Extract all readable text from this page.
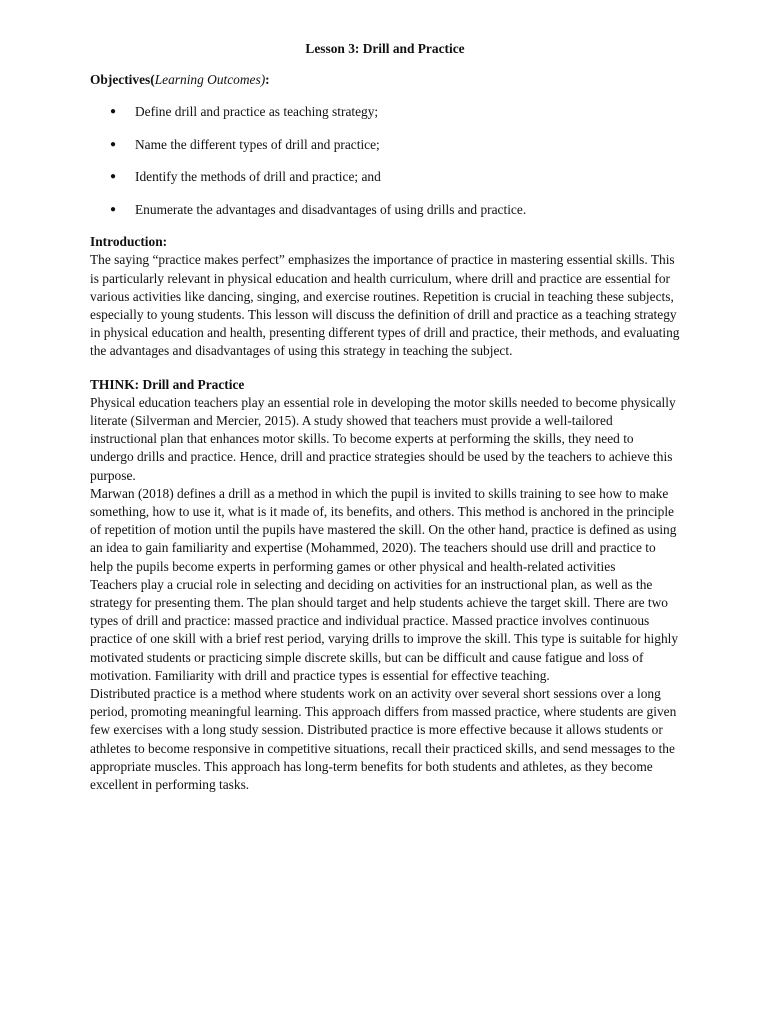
Lesson 3: Drill and Practice
Objectives(Learning Outcomes):
● Define drill and practice as teaching strategy;
● Name the different types of drill and practice;
● Identify the methods of drill and practice; and
● Enumerate the advantages and disadvantages of using drills and practice.
Introduction:

The saying “practice makes perfect” emphasizes the importance of practice in mastering essential skills. This is particularly relevant in physical education and health curriculum, where drill and practice are essential for various activities like dancing, singing, and exercise routines. Repetition is crucial in teaching these subjects, especially to young students. This lesson will discuss the definition of drill and practice as a teaching strategy in physical education and health, presenting different types of drill and practice, their methods, and evaluating the advantages and disadvantages of using this strategy in teaching the subject.

THINK: Drill and Practice

Physical education teachers play an essential role in developing the motor skills needed to become physically literate (Silverman and Mercier, 2015). A study showed that teachers must provide a well-tailored instructional plan that enhances motor skills. To become experts at performing the skills, they need to undergo drills and practice. Hence, drill and practice strategies should be used by the teachers to achieve this purpose.

Marwan (2018) defines a drill as a method in which the pupil is invited to skills training to see how to make something, how to use it, what is it made of, its benefits, and others. This method is anchored in the principle of repetition of motion until the pupils have mastered the skill. On the other hand, practice is defined as using an idea to gain familiarity and expertise (Mohammed, 2020). The teachers should use drill and practice to help the pupils become experts in performing games or other physical and health-related activities

Teachers play a crucial role in selecting and deciding on activities for an instructional plan, as well as the strategy for presenting them. The plan should target and help students achieve the target skill. There are two types of drill and practice: massed practice and individual practice. Massed practice involves continuous practice of one skill with a brief rest period, varying drills to improve the skill. This type is suitable for highly motivated students or practicing simple discrete skills, but can be difficult and cause fatigue and loss of motivation. Familiarity with drill and practice types is essential for effective teaching.

Distributed practice is a method where students work on an activity over several short sessions over a long period, promoting meaningful learning. This approach differs from massed practice, where students are given few exercises with a long study session. Distributed practice is more effective because it allows students or athletes to become responsive in competitive situations, recall their practiced skills, and send messages to the appropriate muscles. This approach has long-term benefits for both students and athletes, as they become excellent in performing tasks.
